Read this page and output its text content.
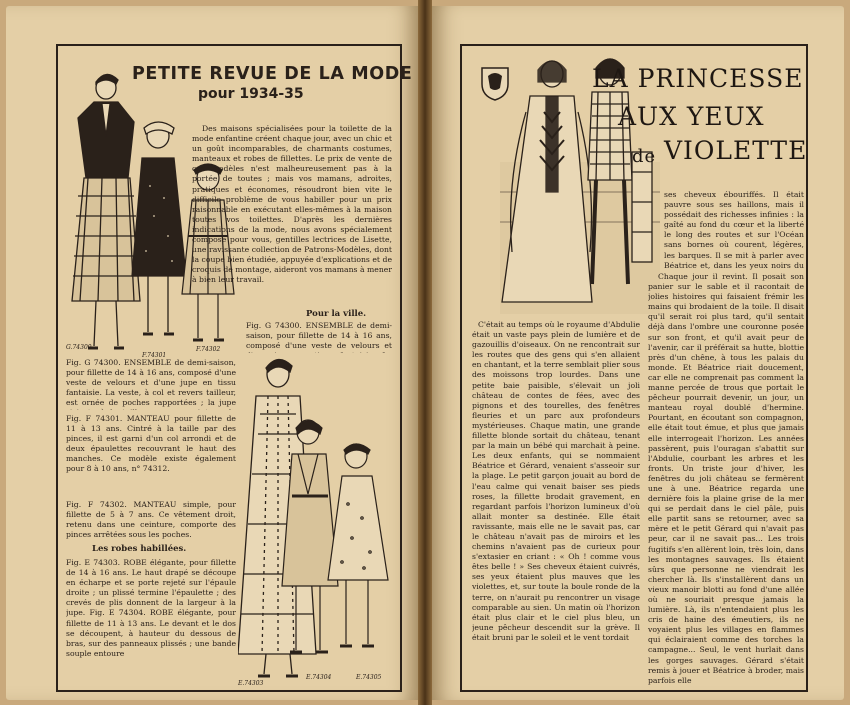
PETITE REVUE DE LA MODE
pour 1934-35
G.74300
F.74301
F.74302
Des maisons spécialisées pour la toilette de la mode enfantine créent chaque jour, avec un chic et un goût incomparables, de charmants costumes, manteaux et robes de fillettes. Le prix de vente de ces modèles n'est malheureusement pas à la portée de toutes ; mais vos mamans, adroites, pratiques et économes, résoudront bien vite le difficile problème de vous habiller pour un prix raisonnable en exécutant elles-mêmes à la maison toutes vos toilettes. D'après les dernières indications de la mode, nous avons spécialement composé pour vous, gentilles lectrices de Lisette, une ravissante collection de Patrons-Modèles, dont la coupe bien étudiée, appuyée d'explications et de croquis de montage, aideront vos mamans à mener à bien leur travail.
Pour la ville.
Fig. G 74300. ENSEMBLE de demi-saison, pour fillette de 14 à 16 ans, composé d'une veste de velours et
Fig. G 74300. ENSEMBLE de demi-saison, pour fillette de 14 à 16 ans, composé d'une veste de velours et d'une jupe en tissu fantaisie. La veste, à col et revers tailleur, est ornée de poches rapportées ; la jupe
Fig. F 74301. MANTEAU pour fillette de 11 à 13 ans. Cintré à la taille par des pinces, il est garni d'un col arrondi et de deux épaulettes recouvrant le haut des manches. Ce modèle existe également pour 8 à 10 ans, n° 74312.
Fig. F 74302. MANTEAU simple, pour fillette de 5 à 7 ans. Ce vêtement droit, retenu dans une ceinture, comporte des pinces arrêtées sous les poches.
Les robes habillées.
Fig. E 74303. ROBE élégante, pour fillette de 14 à 16 ans. Le haut drapé se découpe en écharpe et se porte rejeté sur l'épaule droite ; un plissé termine l'épaulette ; des crevés de plis donnent de la largeur à la jupe. Fig. E 74304. ROBE élégante, pour fillette de 11 à 13 ans. Le devant et le dos se découpent, à hauteur du dessous de bras, sur des panneaux plissés ; une bande souple entoure
E.74303
E.74304	E.74305
LA PRINCESSE
AUX YEUX
de VIOLETTE
C'était au temps où le royaume d'Abdulie était un vaste pays plein de lumière et de gazouillis d'oiseaux. On ne rencontrait sur les routes que des gens qui s'en allaient en chantant, et la terre semblait plier sous des moissons trop lourdes. Dans une petite baie paisible, s'élevait un joli château de contes de fées, avec des pignons et des tourelles, des fenêtres fleuries et un parc aux profondeurs mystérieuses. Chaque matin, une grande fillette blonde sortait du château, tenant par la main un bébé qui marchait à peine. Les deux enfants, qui se nommaient Béatrice et Gérard, venaient s'asseoir sur la plage. Le petit garçon jouait au bord de l'eau calme qui venait baiser ses pieds roses, la fillette brodait gravement, en regardant parfois l'horizon lumineux d'où allait monter sa destinée. Elle était ravissante, mais elle ne le savait pas, car le château n'avait pas de miroirs et les chemins n'avaient pas de curieux pour s'extasier en criant : « Oh ! comme vous êtes belle ! » Ses cheveux étaient cuivrés, ses yeux étaient plus mauves que les violettes, et, sur toute la boule ronde de la terre, on n'aurait pu rencontrer un visage comparable au sien. Un matin où l'horizon était plus clair et le ciel plus bleu, un jeune pêcheur descendit sur la grève. Il était bruni par le soleil et le vent tordait
ses cheveux ébouriffés. Il était pauvre sous ses haillons, mais il possédait des richesses infinies : la gaîté au fond du cœur et la liberté le long des routes et sur l'Océan sans bornes où courent, légères, les barques. Il se mit à parler avec Béatrice et, dans les yeux noirs du
Chaque jour il revint. Il posait son panier sur le sable et il racontait de jolies histoires qui faisaient frémir les mains qui brodaient de la toile. Il disait qu'il serait roi plus tard, qu'il sentait déjà dans l'ombre une couronne posée sur son front, et qu'il avait peur de l'avenir, car il préférait sa hutte, blottie près d'un chêne, à tous les palais du monde. Et Béatrice riait doucement, car elle ne comprenait pas comment la manne percée de trous que portait le pêcheur pourrait devenir, un jour, un manteau royal doublé d'hermine. Pourtant, en écoutant son compagnon, elle était tout émue, et plus que jamais elle interrogeait l'horizon. Les années passèrent, puis l'ouragan s'abattit sur l'Abdulie, courbant les arbres et les fronts. Un triste jour d'hiver, les fenêtres du joli château se fermèrent une à une. Béatrice regarda une dernière fois la plaine grise de la mer qui se perdait dans le ciel pâle, puis elle partit sans se retourner, avec sa mère et le petit Gérard qui n'avait pas peur, car il ne savait pas... Les trois fugitifs s'en allèrent loin, très loin, dans les montagnes sauvages. Ils étaient sûrs que personne ne viendrait les chercher là. Ils s'installèrent dans un vieux manoir blotti au fond d'une allée où ne souriait presque jamais la lumière. Là, ils n'entendaient plus les cris de haine des émeutiers, ils ne voyaient plus les villages en flammes qui éclairaient comme des torches la campagne... Seul, le vent hurlait dans les gorges sauvages. Gérard s'était remis à jouer et Béatrice à broder, mais parfois elle
